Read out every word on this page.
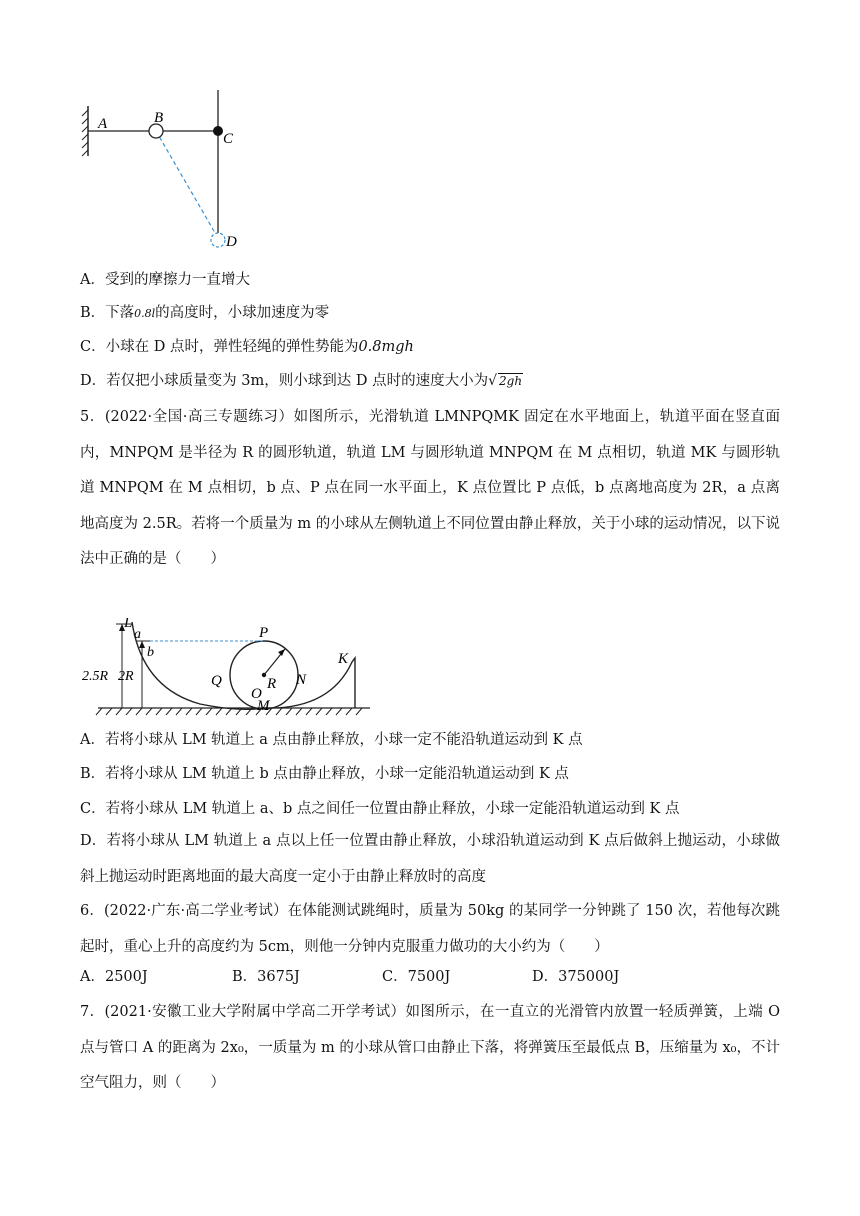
A	B
C
D
A．受到的摩擦力一直增大
B．下落0.8l的高度时，小球加速度为零
C．小球在 D 点时，弹性轻绳的弹性势能为0.8mgh
D．若仅把小球质量变为 3m，则小球到达 D 点时的速度大小为√ 2gh
5．(2022·全国·高三专题练习）如图所示，光滑轨道 LMNPQMK 固定在水平地面上，轨道平面在竖直面内，MNPQM 是半径为 R 的圆形轨道，轨道 LM 与圆形轨道 MNPQM 在 M 点相切，轨道 MK 与圆形轨道 MNPQM 在 M 点相切，b 点、P 点在同一水平面上，K 点位置比 P 点低，b 点离地高度为 2R，a 点离地高度为 2.5R。若将一个质量为 m 的小球从左侧轨道上不同位置由静止释放，关于小球的运动情况，以下说法中正确的是（　　）
L
a
b
P
K
Q	R N
O
M
2.5R 2R
A．若将小球从 LM 轨道上 a 点由静止释放，小球一定不能沿轨道运动到 K 点
B．若将小球从 LM 轨道上 b 点由静止释放，小球一定能沿轨道运动到 K 点
C．若将小球从 LM 轨道上 a、b 点之间任一位置由静止释放，小球一定能沿轨道运动到 K 点
D．若将小球从 LM 轨道上 a 点以上任一位置由静止释放，小球沿轨道运动到 K 点后做斜上抛运动，小球做斜上抛运动时距离地面的最大高度一定小于由静止释放时的高度
6．(2022·广东·高二学业考试）在体能测试跳绳时，质量为 50kg 的某同学一分钟跳了 150 次，若他每次跳起时，重心上升的高度约为 5cm，则他一分钟内克服重力做功的大小约为（　　）
A．2500J	B．3675J	C．7500J	D．375000J
7．(2021·安徽工业大学附属中学高二开学考试）如图所示，在一直立的光滑管内放置一轻质弹簧，上端 O 点与管口 A 的距离为 2x₀，一质量为 m 的小球从管口由静止下落，将弹簧压至最低点 B，压缩量为 x₀，不计空气阻力，则（　　）
